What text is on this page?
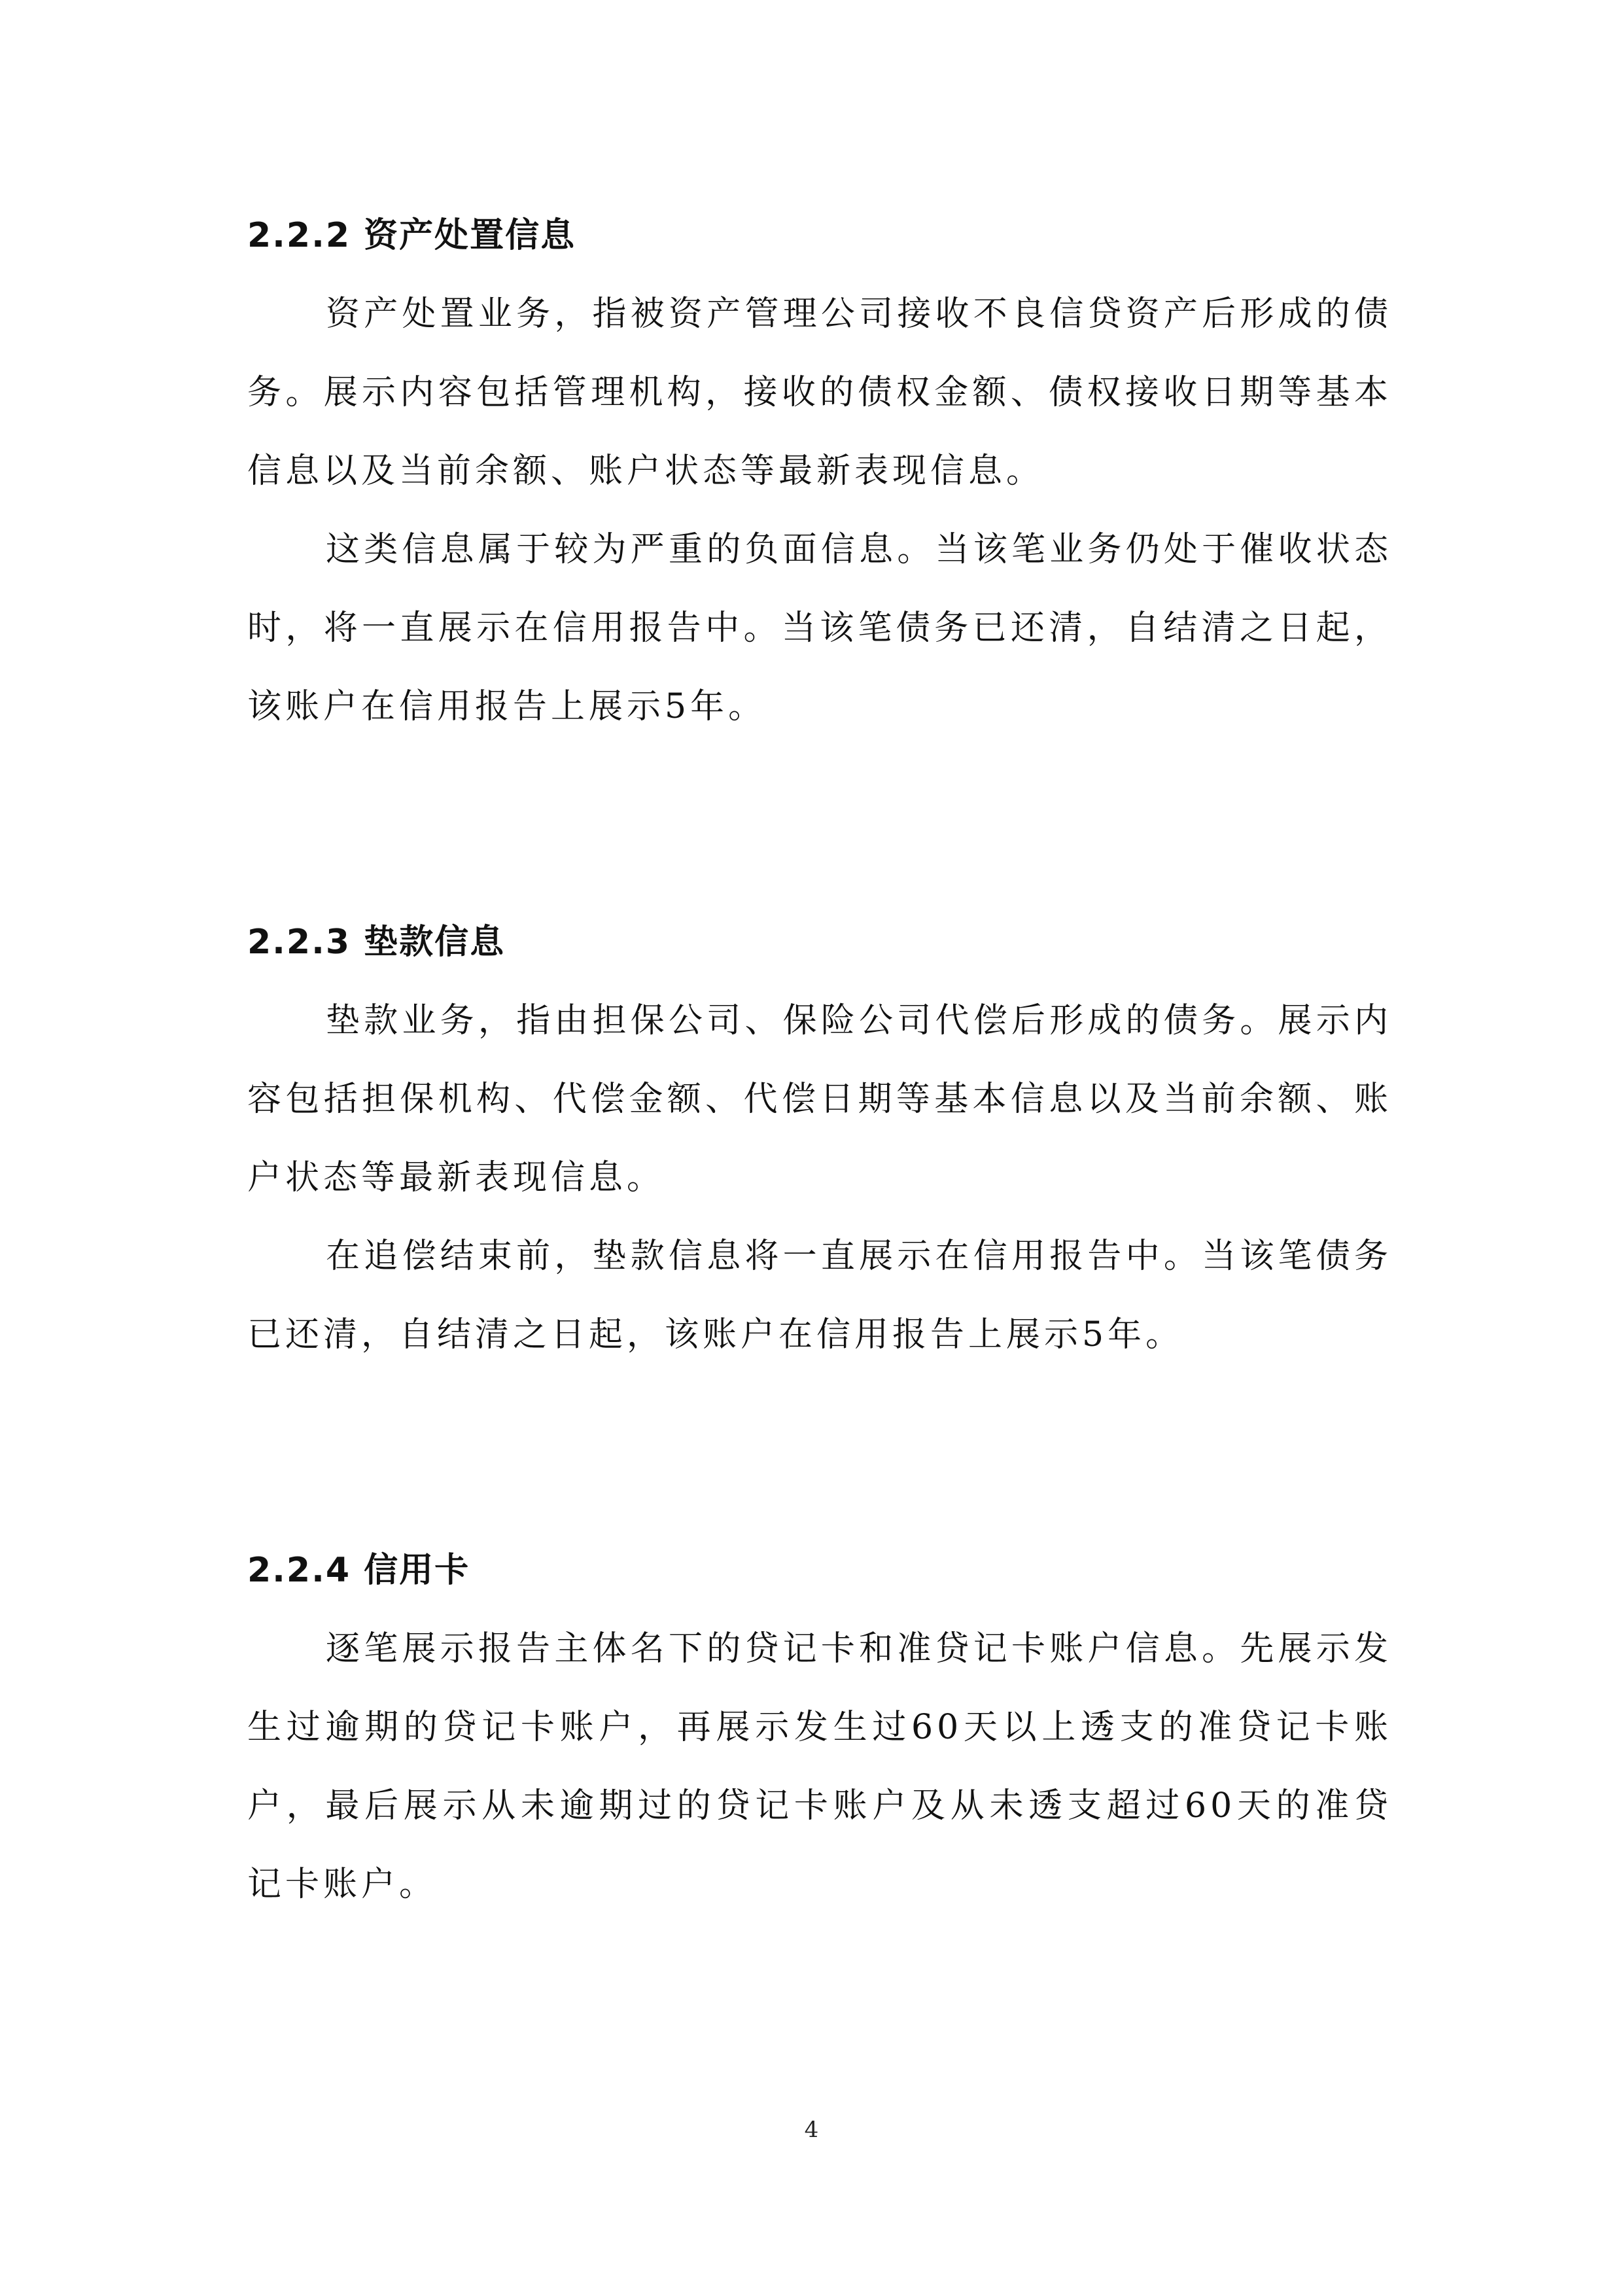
2.2.2 资产处置信息

资产处置业务，指被资产管理公司接收不良信贷资产后形成的债务。展示内容包括管理机构，接收的债权金额、债权接收日期等基本信息以及当前余额、账户状态等最新表现信息。

这类信息属于较为严重的负面信息。当该笔业务仍处于催收状态时，将一直展示在信用报告中。当该笔债务已还清，自结清之日起，该账户在信用报告上展示5年。

2.2.3 垫款信息

垫款业务，指由担保公司、保险公司代偿后形成的债务。展示内容包括担保机构、代偿金额、代偿日期等基本信息以及当前余额、账户状态等最新表现信息。

在追偿结束前，垫款信息将一直展示在信用报告中。当该笔债务已还清，自结清之日起，该账户在信用报告上展示5年。

2.2.4 信用卡

逐笔展示报告主体名下的贷记卡和准贷记卡账户信息。先展示发生过逾期的贷记卡账户，再展示发生过60天以上透支的准贷记卡账户，最后展示从未逾期过的贷记卡账户及从未透支超过60天的准贷记卡账户。

4
